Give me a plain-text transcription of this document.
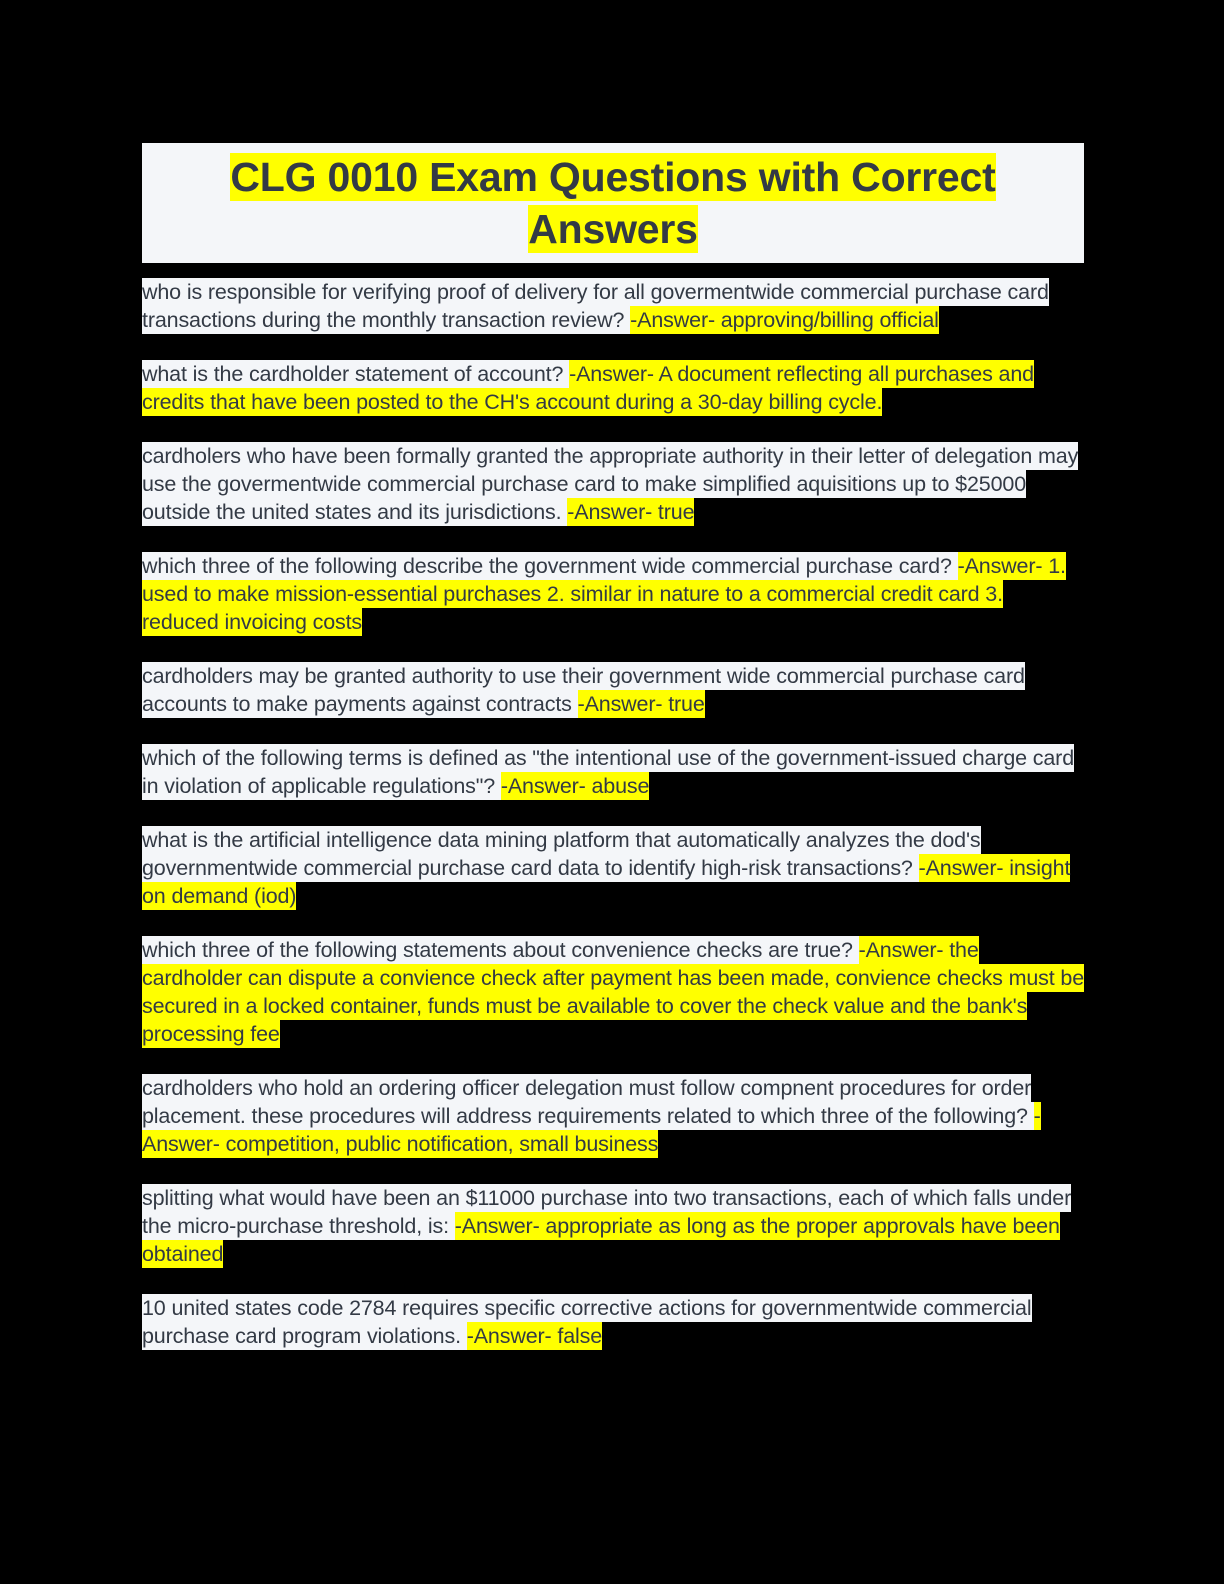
CLG 0010 Exam Questions with Correct Answers

who is responsible for verifying proof of delivery for all govermentwide commercial purchase card transactions during the monthly transaction review? -Answer- approving/billing official

what is the cardholder statement of account? -Answer- A document reflecting all purchases and credits that have been posted to the CH's account during a 30-day billing cycle.

cardholers who have been formally granted the appropriate authority in their letter of delegation may use the govermentwide commercial purchase card to make simplified aquisitions up to $25000 outside the united states and its jurisdictions. -Answer- true

which three of the following describe the government wide commercial purchase card? -Answer- 1. used to make mission-essential purchases 2. similar in nature to a commercial credit card 3. reduced invoicing costs

cardholders may be granted authority to use their government wide commercial purchase card accounts to make payments against contracts -Answer- true

which of the following terms is defined as "the intentional use of the government-issued charge card in violation of applicable regulations"? -Answer- abuse

what is the artificial intelligence data mining platform that automatically analyzes the dod's governmentwide commercial purchase card data to identify high-risk transactions? -Answer- insight on demand (iod)

which three of the following statements about convenience checks are true? -Answer- the cardholder can dispute a convience check after payment has been made, convience checks must be secured in a locked container, funds must be available to cover the check value and the bank's processing fee

cardholders who hold an ordering officer delegation must follow compnent procedures for order placement. these procedures will address requirements related to which three of the following? -Answer- competition, public notification, small business

splitting what would have been an $11000 purchase into two transactions, each of which falls under the micro-purchase threshold, is: -Answer- appropriate as long as the proper approvals have been obtained

10 united states code 2784 requires specific corrective actions for governmentwide commercial purchase card program violations. -Answer- false
